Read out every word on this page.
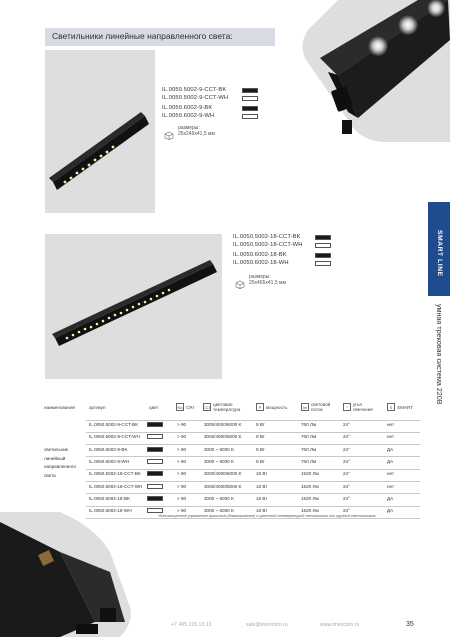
Светильники линейные направленного света:
IL.0050.5002-9-CCT-BK
IL.0050.5002-9-CCT-WH
IL.0050.6002-9-BK
IL.0050.6002-9-WH
размеры:
25x249x41,5 мм
IL.0050.5002-18-CCT-BK
IL.0050.5002-18-CCT-WH
IL.0050.6002-18-BK
IL.0050.6002-18-WH
размеры:
25x465x41,5 мм
SMART LINE
умная трековая система 220В
наименование	артикул	цвет	Ra CRI CCT цветовая температура	P	мощность	lm световой поток	°	угол свечения	S	SMART
светильник линейный направленного света
IL.0050.5002-9-CCT-BK	> 90	3000/4000/6000 K	9 Вт	760 Лм	24°	нет
IL.0050.5002-9-CCT-WH	> 90	3000/4000/6000 K	9 Вт	760 Лм	24°	нет
IL.0050.6002-9-BK	> 90	3000 ~ 6000 K	9 Вт	760 Лм	24°	ДА
IL.0050.6002-9-WH	> 90	3000 ~ 6000 K	9 Вт	760 Лм	24°	ДА
IL.0050.5002-18-CCT-BK	> 90	3000/4000/6000 K	18 Вт	1520 Лм	24°	нет
IL.0050.5002-18-CCT-WH	> 90	3000/4000/6000 K	18 Вт	1520 Лм	24°	нет
IL.0050.6002-18-BK	> 90	3000 ~ 6000 K	18 Вт	1520 Лм	24°	ДА
IL.0050.6002-18-WH	> 90	3000 ~ 6000 K	18 Вт	1520 Лм	24°	ДА
*дистанционное управление яркостью (диммирование) и цветовой температурой светильника или группой светильников
+7 495 215 13 13	sale@imexcom.ru	www.imexcom.ru	35
